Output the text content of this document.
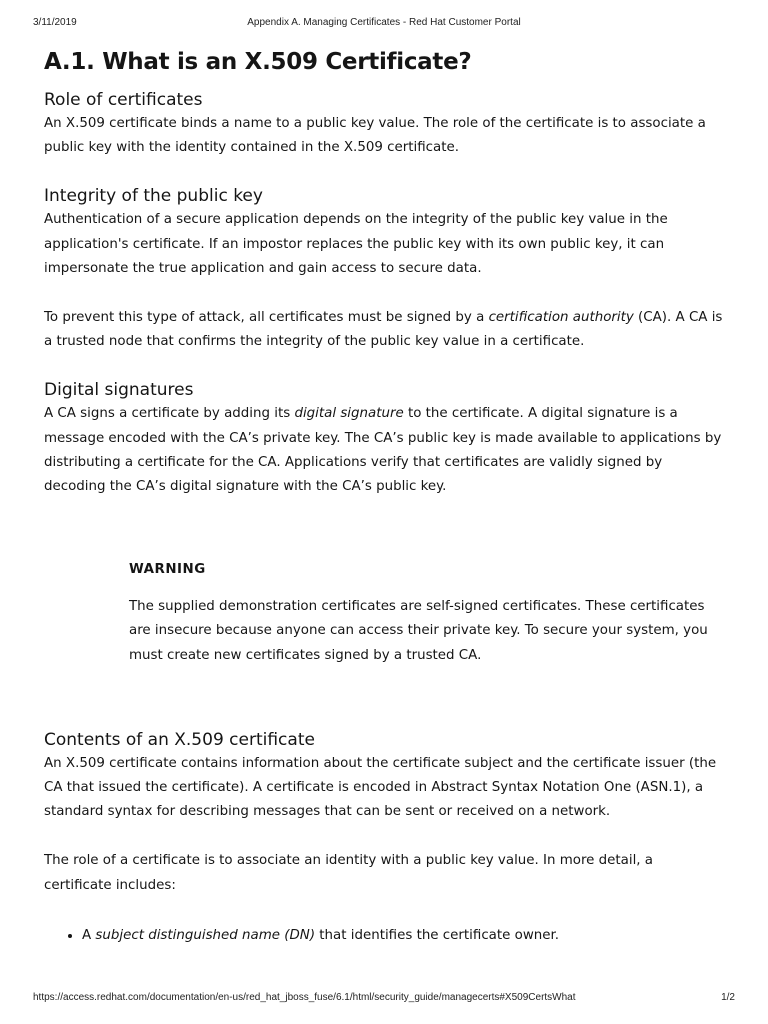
3/11/2019	Appendix A. Managing Certificates - Red Hat Customer Portal
A.1. What is an X.509 Certificate?
Role of certificates

An X.509 certificate binds a name to a public key value. The role of the certificate is to associate a public key with the identity contained in the X.509 certificate.

Integrity of the public key

Authentication of a secure application depends on the integrity of the public key value in the application's certificate. If an impostor replaces the public key with its own public key, it can impersonate the true application and gain access to secure data.

To prevent this type of attack, all certificates must be signed by a certification authority (CA). A CA is a trusted node that confirms the integrity of the public key value in a certificate.

Digital signatures

A CA signs a certificate by adding its digital signature to the certificate. A digital signature is a message encoded with the CA’s private key. The CA’s public key is made available to applications by distributing a certificate for the CA. Applications verify that certificates are validly signed by decoding the CA’s digital signature with the CA’s public key.

WARNING

The supplied demonstration certificates are self-signed certificates. These certificates are insecure because anyone can access their private key. To secure your system, you must create new certificates signed by a trusted CA.

Contents of an X.509 certificate

An X.509 certificate contains information about the certificate subject and the certificate issuer (the CA that issued the certificate). A certificate is encoded in Abstract Syntax Notation One (ASN.1), a standard syntax for describing messages that can be sent or received on a network.

The role of a certificate is to associate an identity with a public key value. In more detail, a certificate includes:

• A subject distinguished name (DN) that identifies the certificate owner.
https://access.redhat.com/documentation/en-us/red_hat_jboss_fuse/6.1/html/security_guide/managecerts#X509CertsWhat	1/2
